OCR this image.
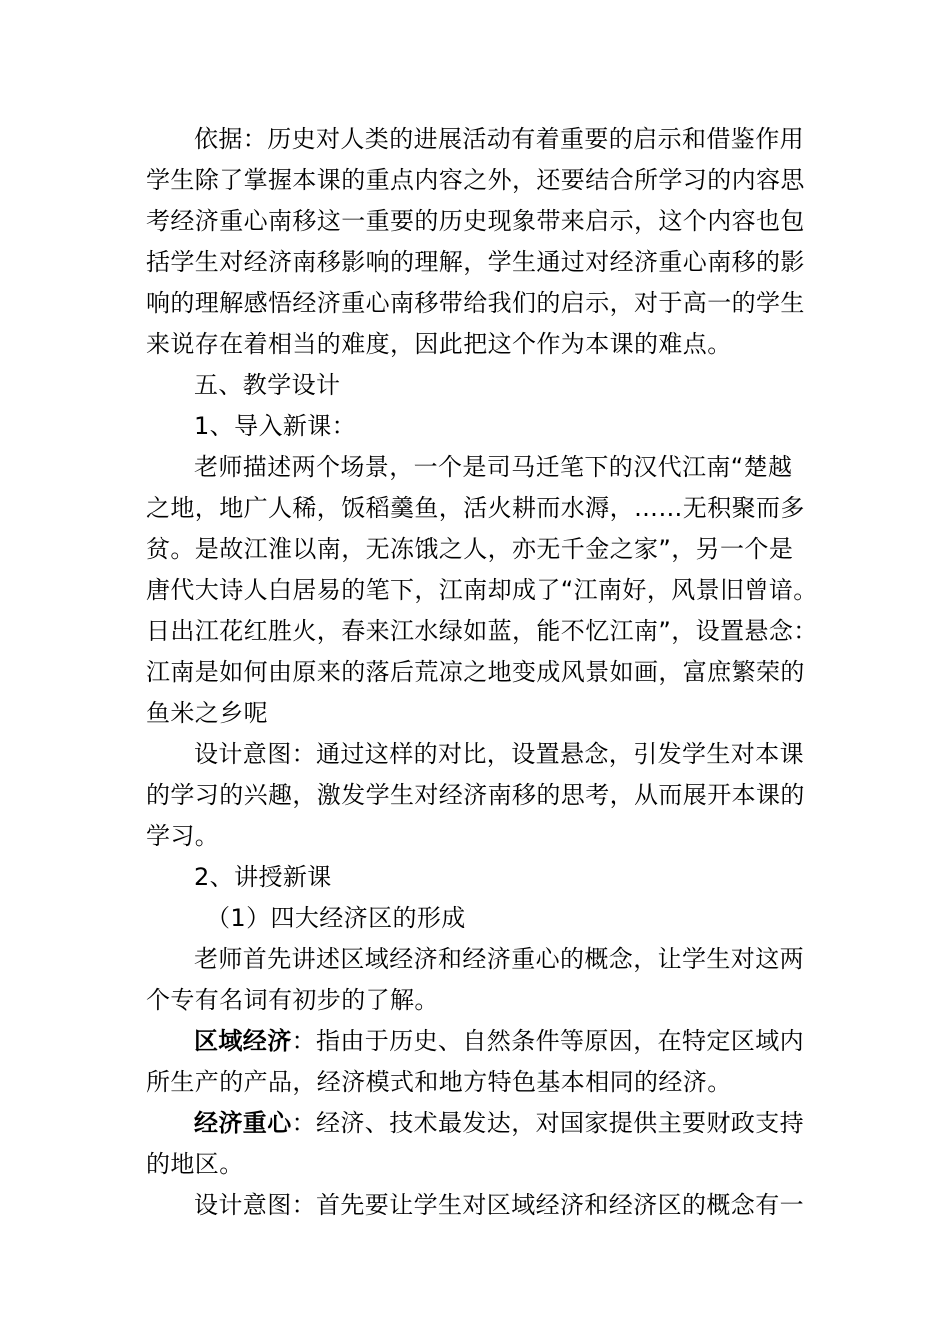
依据：历史对人类的进展活动有着重要的启示和借鉴作用
学生除了掌握本课的重点内容之外，还要结合所学习的内容思
考经济重心南移这一重要的历史现象带来启示，这个内容也包
括学生对经济南移影响的理解，学生通过对经济重心南移的影
响的理解感悟经济重心南移带给我们的启示，对于高一的学生
来说存在着相当的难度，因此把这个作为本课的难点。
五、教学设计
1、导入新课：
老师描述两个场景，一个是司马迁笔下的汉代江南“楚越
之地，地广人稀，饭稻羹鱼，活火耕而水溽，……无积聚而多
贫。是故江淮以南，无冻饿之人，亦无千金之家”，另一个是
唐代大诗人白居易的笔下，江南却成了“江南好，风景旧曾谙。
日出江花红胜火，春来江水绿如蓝，能不忆江南”，设置悬念：
江南是如何由原来的落后荒凉之地变成风景如画，富庶繁荣的
鱼米之乡呢
设计意图：通过这样的对比，设置悬念，引发学生对本课
的学习的兴趣，激发学生对经济南移的思考，从而展开本课的
学习。
2、讲授新课
（1）四大经济区的形成
老师首先讲述区域经济和经济重心的概念，让学生对这两
个专有名词有初步的了解。
区域经济：指由于历史、自然条件等原因，在特定区域内
所生产的产品，经济模式和地方特色基本相同的经济。
经济重心：经济、技术最发达，对国家提供主要财政支持
的地区。
设计意图：首先要让学生对区域经济和经济区的概念有一
